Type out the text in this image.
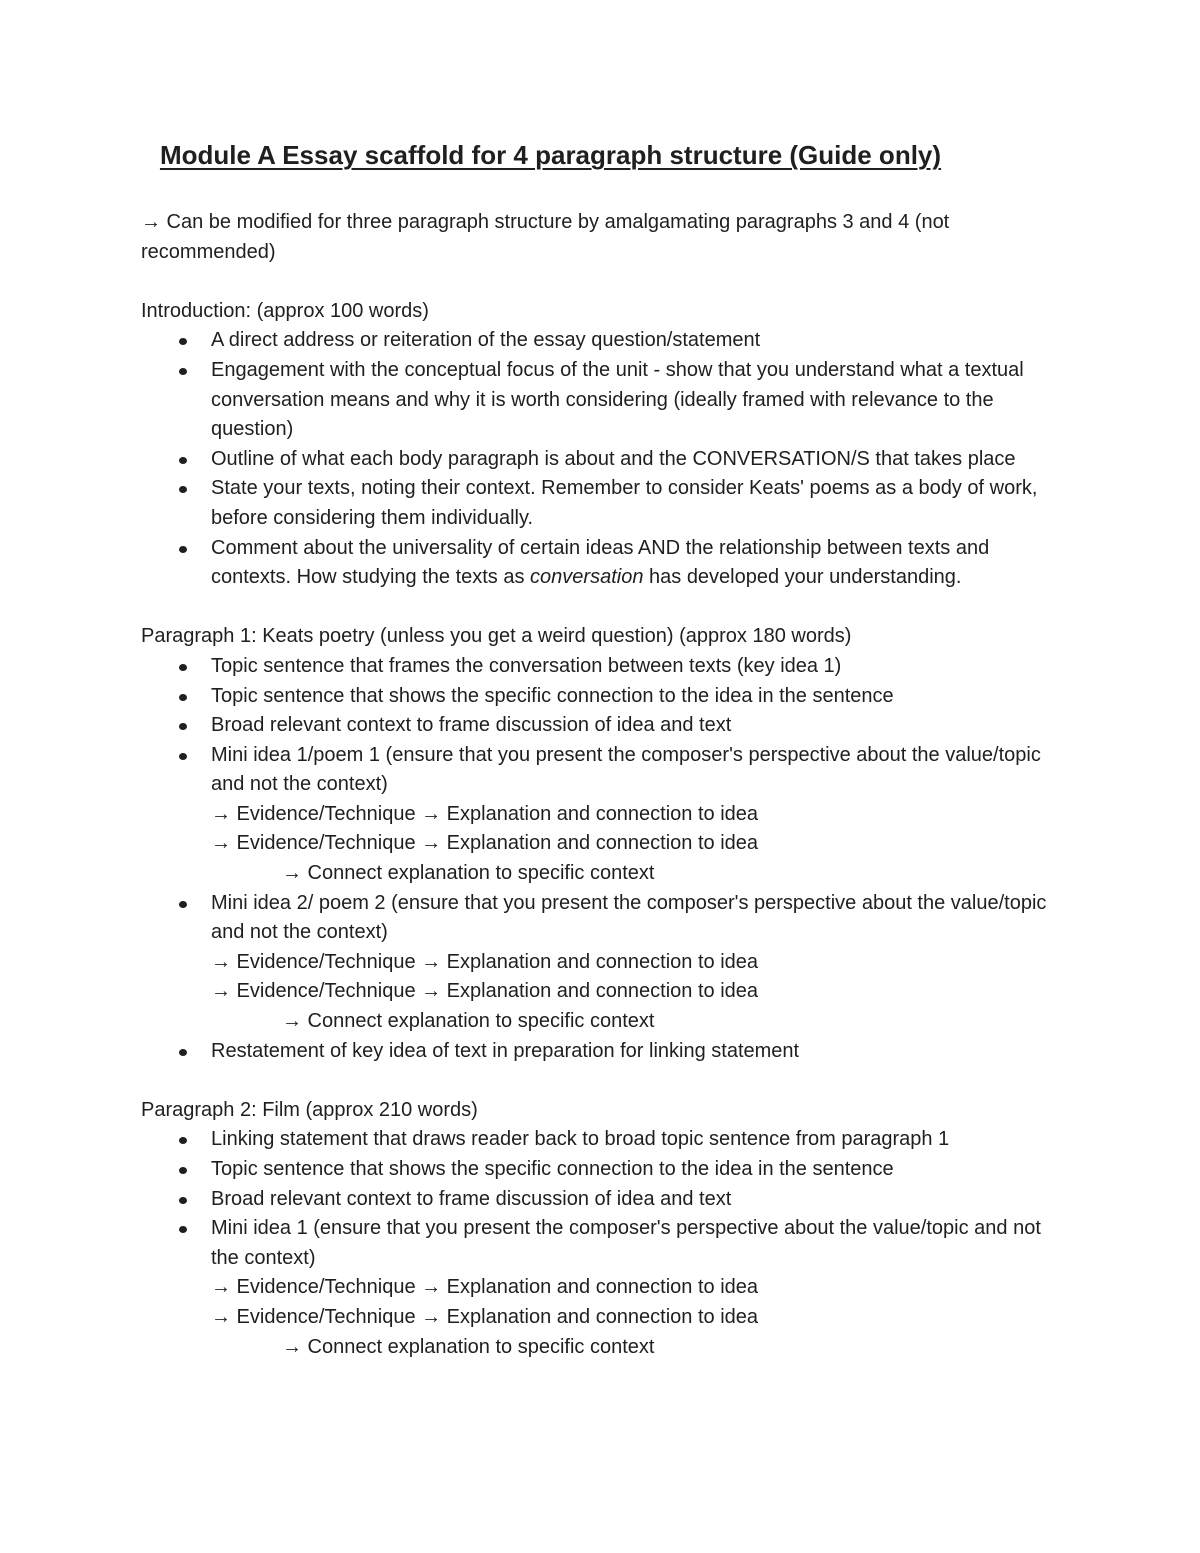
Module A Essay scaffold for 4 paragraph structure (Guide only)

→ Can be modified for three paragraph structure by amalgamating paragraphs 3 and 4 (not recommended)

Introduction: (approx 100 words)

A direct address or reiteration of the essay question/statement
Engagement with the conceptual focus of the unit - show that you understand what a textual conversation means and why it is worth considering (ideally framed with relevance to the question)
Outline of what each body paragraph is about and the CONVERSATION/S that takes place
State your texts, noting their context. Remember to consider Keats' poems as a body of work, before considering them individually.
Comment about the universality of certain ideas AND the relationship between texts and contexts. How studying the texts as conversation has developed your understanding.

Paragraph 1: Keats poetry (unless you get a weird question) (approx 180 words)

Topic sentence that frames the conversation between texts (key idea 1)
Topic sentence that shows the specific connection to the idea in the sentence
Broad relevant context to frame discussion of idea and text
Mini idea 1/poem 1 (ensure that you present the composer's perspective about the value/topic and not the context)
→ Evidence/Technique → Explanation and connection to idea
→ Evidence/Technique → Explanation and connection to idea
→ Connect explanation to specific context
Mini idea 2/ poem 2 (ensure that you present the composer's perspective about the value/topic and not the context)
→ Evidence/Technique → Explanation and connection to idea
→ Evidence/Technique → Explanation and connection to idea
→ Connect explanation to specific context
Restatement of key idea of text in preparation for linking statement

Paragraph 2: Film (approx 210 words)

Linking statement that draws reader back to broad topic sentence from paragraph 1
Topic sentence that shows the specific connection to the idea in the sentence
Broad relevant context to frame discussion of idea and text
Mini idea 1 (ensure that you present the composer's perspective about the value/topic and not the context)
→ Evidence/Technique → Explanation and connection to idea
→ Evidence/Technique → Explanation and connection to idea
→ Connect explanation to specific context
